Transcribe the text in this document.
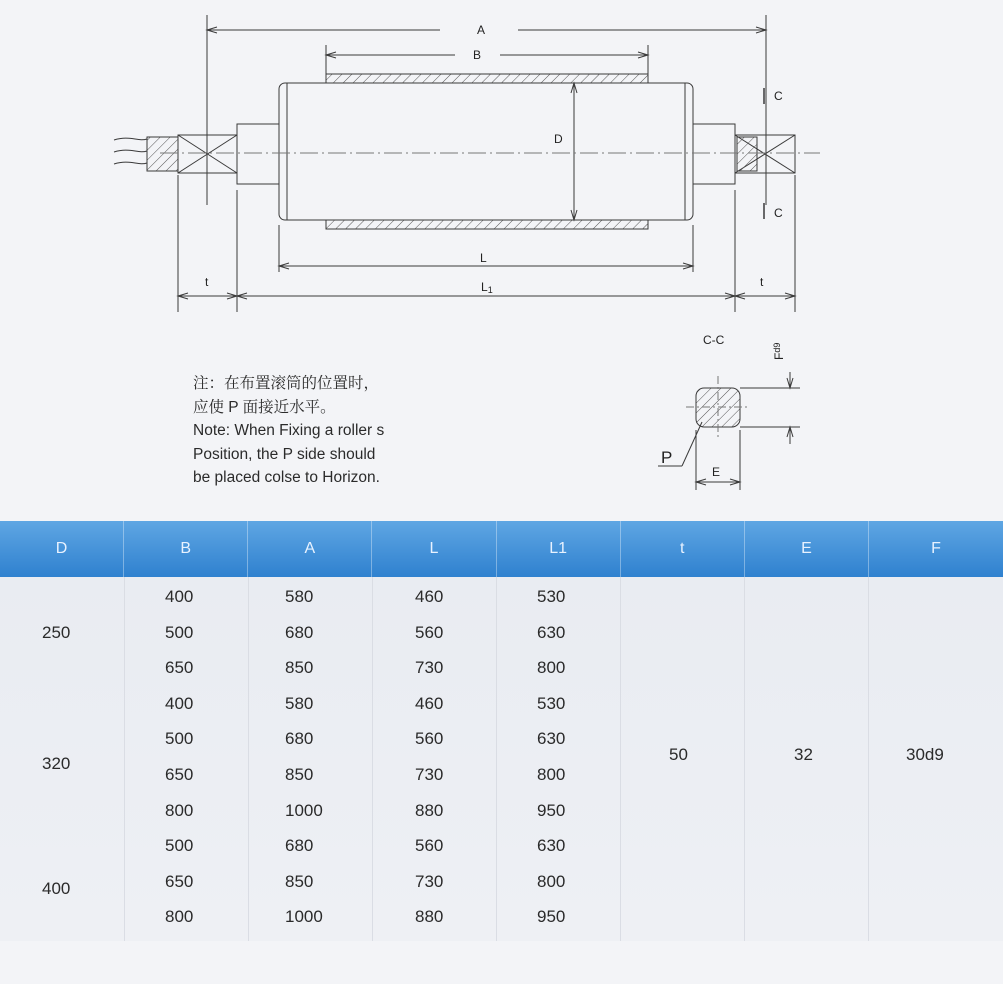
A
B
C
C
D
L
L1
t	t
C-C
$F^{d9}$
P
E
注：在布置滚筒的位置时，
应使 P 面接近水平。
Note: When Fixing a roller s
Position, the P side should
be placed colse to Horizon.
D	B	A	L	L1	t	E	F
250
400	580	460	530
500	680	560	630
650	850	730	800
320
400	580	460	530
500	680	560	630
650	850	730	800
800	1000	880	950
400
500	680	560	630
650	850	730	800
800	1000	880	950
50	32	30d9
